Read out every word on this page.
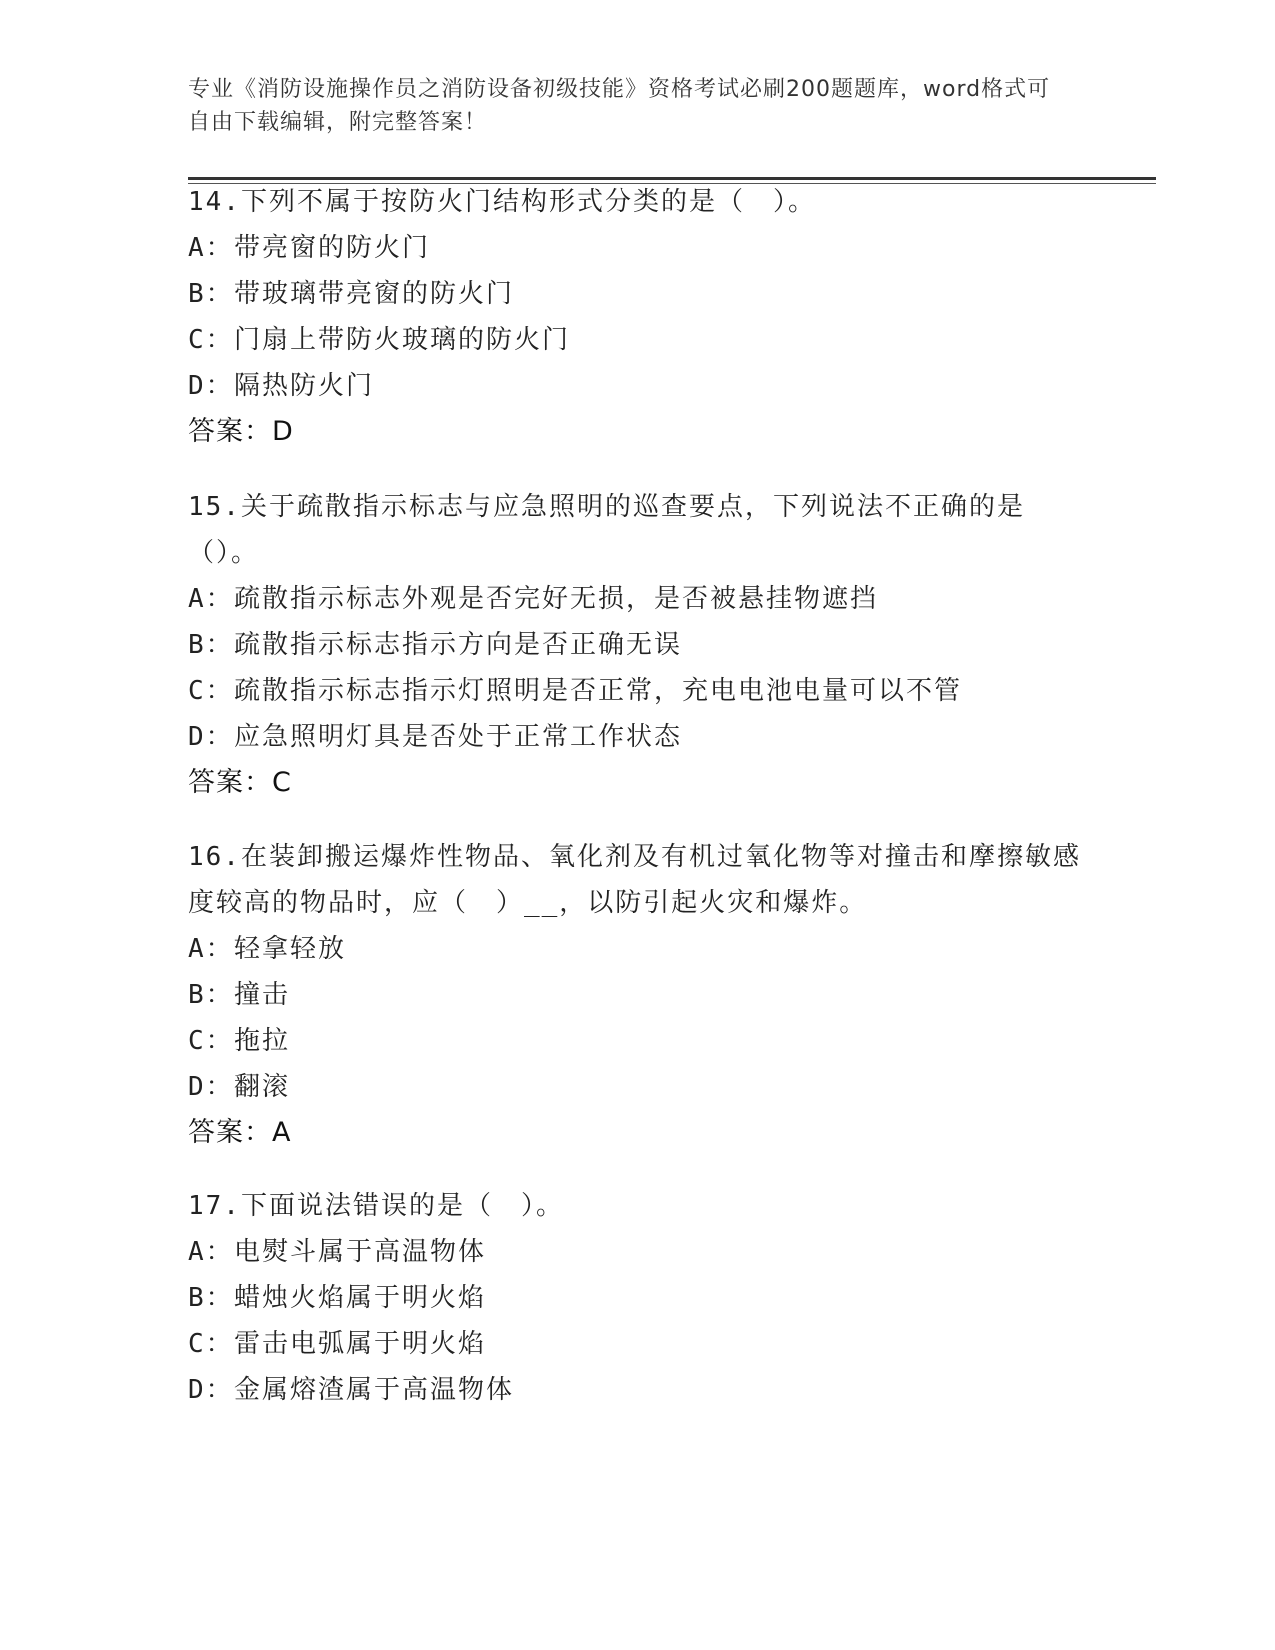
专业《消防设施操作员之消防设备初级技能》资格考试必刷200题题库，word格式可自由下载编辑，附完整答案！
14.下列不属于按防火门结构形式分类的是（　）。
A：带亮窗的防火门
B：带玻璃带亮窗的防火门
C：门扇上带防火玻璃的防火门
D：隔热防火门
答案：D
15.关于疏散指示标志与应急照明的巡查要点，下列说法不正确的是（）。
A：疏散指示标志外观是否完好无损，是否被悬挂物遮挡
B：疏散指示标志指示方向是否正确无误
C：疏散指示标志指示灯照明是否正常，充电电池电量可以不管
D：应急照明灯具是否处于正常工作状态
答案：C
16.在装卸搬运爆炸性物品、氧化剂及有机过氧化物等对撞击和摩擦敏感度较高的物品时，应（　）__，以防引起火灾和爆炸。
A：轻拿轻放
B：撞击
C：拖拉
D：翻滚
答案：A
17.下面说法错误的是（　）。
A：电熨斗属于高温物体
B：蜡烛火焰属于明火焰
C：雷击电弧属于明火焰
D：金属熔渣属于高温物体
